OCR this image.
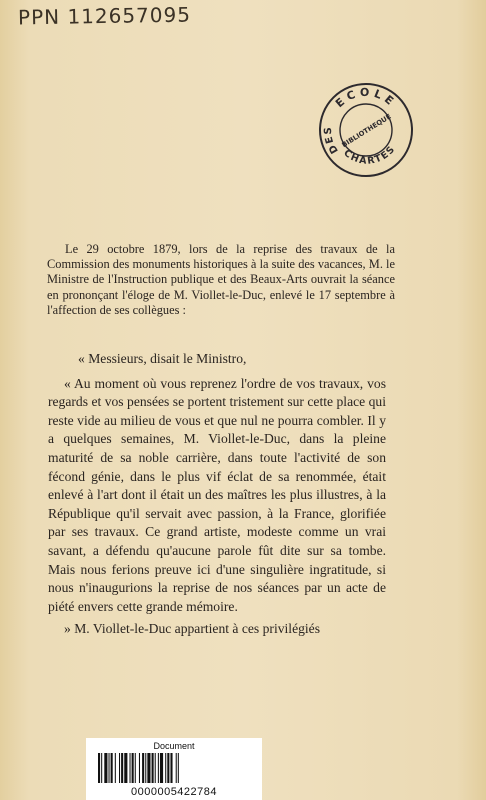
PPN 112657095
ECOLE
DES
CHARTES
BIBLIOTHEQUE

Le 29 octobre 1879, lors de la reprise des travaux de la Commission des monuments historiques à la suite des vacances, M. le Ministre de l'Instruction publique et des Beaux-Arts ouvrait la séance en prononçant l'éloge de M. Viollet-le-Duc, enlevé le 17 septembre à l'affection de ses collègues :

« Messieurs, disait le Ministro,

« Au moment où vous reprenez l'ordre de vos travaux, vos regards et vos pensées se portent tristement sur cette place qui reste vide au milieu de vous et que nul ne pourra combler. Il y a quelques semaines, M. Viollet-le-Duc, dans la pleine maturité de sa noble carrière, dans toute l'activité de son fécond génie, dans le plus vif éclat de sa renommée, était enlevé à l'art dont il était un des maîtres les plus illustres, à la République qu'il servait avec passion, à la France, glorifiée par ses travaux. Ce grand artiste, modeste comme un vrai savant, a défendu qu'aucune parole fût dite sur sa tombe. Mais nous ferions preuve ici d'une singulière ingratitude, si nous n'inaugurions la reprise de nos séances par un acte de piété envers cette grande mémoire.

» M. Viollet-le-Duc appartient à ces privilégiés

Document
0000005422784
